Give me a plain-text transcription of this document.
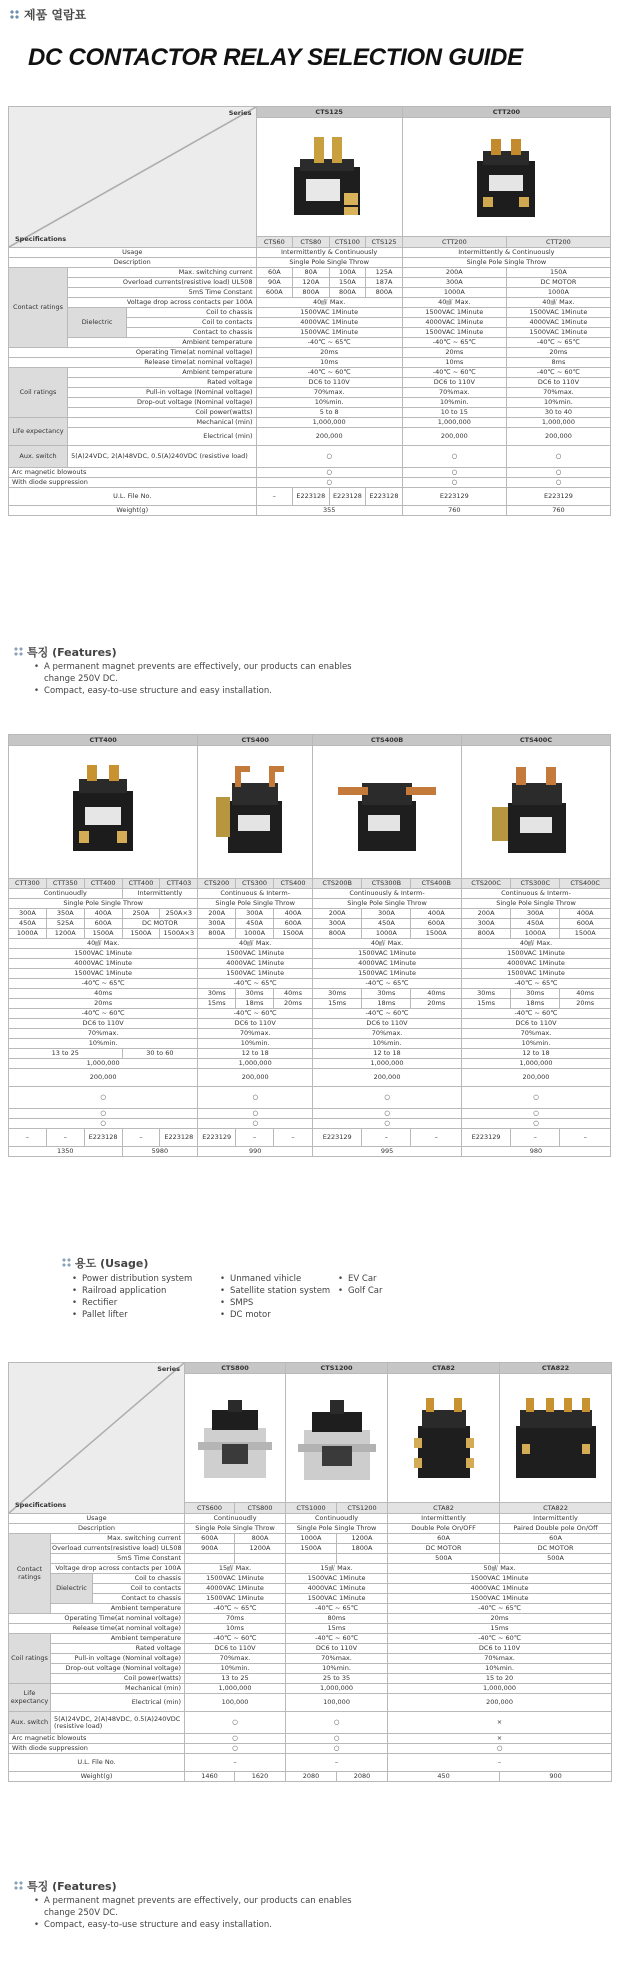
제품 열람표
DC CONTACTOR RELAY SELECTION GUIDE
Series
Specifications			CTS125				CTT200	

			CTS60	CTS80	CTS100	CTS125	CTT200	CTT200
Usage			Intermittently & Continuously				Intermittently & Continuously	
Description			Single Pole Single Throw				Single Pole Single Throw	
Contact ratings	Max. switching current		60A	80A	100A	125A	200A	150A
	Overload currents(resistive load) UL508		90A	120A	150A	187A	300A	DC MOTOR
	5mS Time Constant		600A	800A	800A	800A	1000A	1000A
	Voltage drop across contacts per 100A		40㎷ Max.				40㎷ Max.	40㎷ Max.
	Dielectric	Coil to chassis	1500VAC 1Minute				1500VAC 1Minute	1500VAC 1Minute
		Coil to contacts	4000VAC 1Minute				4000VAC 1Minute	4000VAC 1Minute
		Contact to chassis	1500VAC 1Minute				1500VAC 1Minute	1500VAC 1Minute
	Ambient temperature		-40℃ ~ 65℃				-40℃ ~ 65℃	-40℃ ~ 65℃
Operating Time(at nominal voltage)			20ms				20ms	20ms
Release time(at nominal voltage)			10ms				10ms	8ms
Coil ratings	Ambient temperature		-40℃ ~ 60℃				-40℃ ~ 60℃	-40℃ ~ 60℃
	Rated voltage		DC6 to 110V				DC6 to 110V	DC6 to 110V
	Pull-in voltage (Nominal voltage)		70%max.				70%max.	70%max.
	Drop-out voltage (Nominal voltage)		10%min.				10%min.	10%min.
	Coil power(watts)		5 to 8				10 to 15	30 to 40
Life expectancy	Mechanical (min)		1,000,000				1,000,000	1,000,000
	Electrical (min)		200,000				200,000	200,000
Aux. switch	5(A)24VDC, 2(A)48VDC, 0.5(A)240VDC (resistive load)		○				○	○
Arc magnetic blowouts			○				○	○
With diode suppression			○				○	○
U.L. File No.			–	E223128	E223128	E223128	E223129	E223129
Weight(g)			355				760	760
특징 (Features)
• A permanent magnet prevents are effectively, our products can enables
change 250V DC.
• Compact, easy-to-use structure and easy installation.
CTT400					CTS400			CTS400B			CTS400C		

CTT300	CTT350	CTT400	CTT400	CTT403	CTS200	CTS300	CTS400	CTS200B	CTS300B	CTS400B	CTS200C	CTS300C	CTS400C
Continuoudly			Intermittently		Continuous & Interm-			Continuously & Interm-			Continuous & Interm-		
Single Pole Single Throw					Single Pole Single Throw			Single Pole Single Throw			Single Pole Single Throw		
300A	350A	400A	250A	250A×3	200A	300A	400A	200A	300A	400A	200A	300A	400A
450A	525A	600A	DC MOTOR		300A	450A	600A	300A	450A	600A	300A	450A	600A
1000A	1200A	1500A	1500A	1500A×3	800A	1000A	1500A	800A	1000A	1500A	800A	1000A	1500A
40㎷ Max.					40㎷ Max.			40㎷ Max.			40㎷ Max.		
1500VAC 1Minute					1500VAC 1Minute			1500VAC 1Minute			1500VAC 1Minute		
4000VAC 1Minute					4000VAC 1Minute			4000VAC 1Minute			4000VAC 1Minute		
1500VAC 1Minute					1500VAC 1Minute			1500VAC 1Minute			1500VAC 1Minute		
-40℃ ~ 65℃					-40℃ ~ 65℃			-40℃ ~ 65℃			-40℃ ~ 65℃		
40ms					30ms	30ms	40ms	30ms	30ms	40ms	30ms	30ms	40ms
20ms					15ms	18ms	20ms	15ms	18ms	20ms	15ms	18ms	20ms
-40℃ ~ 60℃					-40℃ ~ 60℃			-40℃ ~ 60℃			-40℃ ~ 60℃		
DC6 to 110V					DC6 to 110V			DC6 to 110V			DC6 to 110V		
70%max.					70%max.			70%max.			70%max.		
10%min.					10%min.			10%min.			10%min.		
13 to 25			30 to 60		12 to 18			12 to 18			12 to 18		
1,000,000					1,000,000			1,000,000			1,000,000		
200,000					200,000			200,000			200,000		
○					○			○			○		
○					○			○			○		
○					○			○			○		
–	–	E223128	–	E223128	E223129	–	–	E223129	–	–	E223129	–	–
1350			5980		990			995			980		
용도 (Usage)
• Power distribution system
• Railroad application
• Rectifier
• Pallet lifter
• Unmaned vihicle
• Satellite station system
• SMPS
• DC motor
• EV Car
• Golf Car
Series
Specifications			CTS800		CTS1200		CTA82	CTA822

			CTS600	CTS800	CTS1000	CTS1200	CTA82	CTA822
Usage			Continuoudly		Continuoudly		Intermittently	Intermittently
Description			Single Pole Single Throw		Single Pole Single Throw		Double Pole On/OFF	Paired Double pole On/Off
Contact ratings	Max. switching current		600A	800A	1000A	1200A	60A	60A
	Overload currents(resistive load) UL508		900A	1200A	1500A	1800A	DC MOTOR	DC MOTOR
	5mS Time Constant						500A	500A
	Voltage drop across contacts per 100A		15㎷ Max.		15㎷ Max.		50㎷ Max.	
	Dielectric	Coil to chassis	1500VAC 1Minute		1500VAC 1Minute		1500VAC 1Minute	
		Coil to contacts	4000VAC 1Minute		4000VAC 1Minute		4000VAC 1Minute	
		Contact to chassis	1500VAC 1Minute		1500VAC 1Minute		1500VAC 1Minute	
	Ambient temperature		-40℃ ~ 65℃		-40℃ ~ 65℃		-40℃ ~ 65℃	
Operating Time(at nominal voltage)			70ms		80ms		20ms	
Release time(at nominal voltage)			10ms		15ms		15ms	
Coil ratings	Ambient temperature		-40℃ ~ 60℃		-40℃ ~ 60℃		-40℃ ~ 60℃	
	Rated voltage		DC6 to 110V		DC6 to 110V		DC6 to 110V	
	Pull-in voltage (Nominal voltage)		70%max.		70%max.		70%max.	
	Drop-out voltage (Nominal voltage)		10%min.		10%min.		10%min.	
	Coil power(watts)		13 to 25		25 to 35		15 to 20	
Life expectancy	Mechanical (min)		1,000,000		1,000,000		1,000,000	
	Electrical (min)		100,000		100,000		200,000	
Aux. switch	5(A)24VDC, 2(A)48VDC, 0.5(A)240VDC (resistive load)		○		○		×	
Arc magnetic blowouts			○		○		×	
With diode suppression			○		○		○	
U.L. File No.			–		–		–	
Weight(g)			1460	1620	2080	2080	450	900
특징 (Features)
• A permanent magnet prevents are effectively, our products can enables
change 250V DC.
• Compact, easy-to-use structure and easy installation.
